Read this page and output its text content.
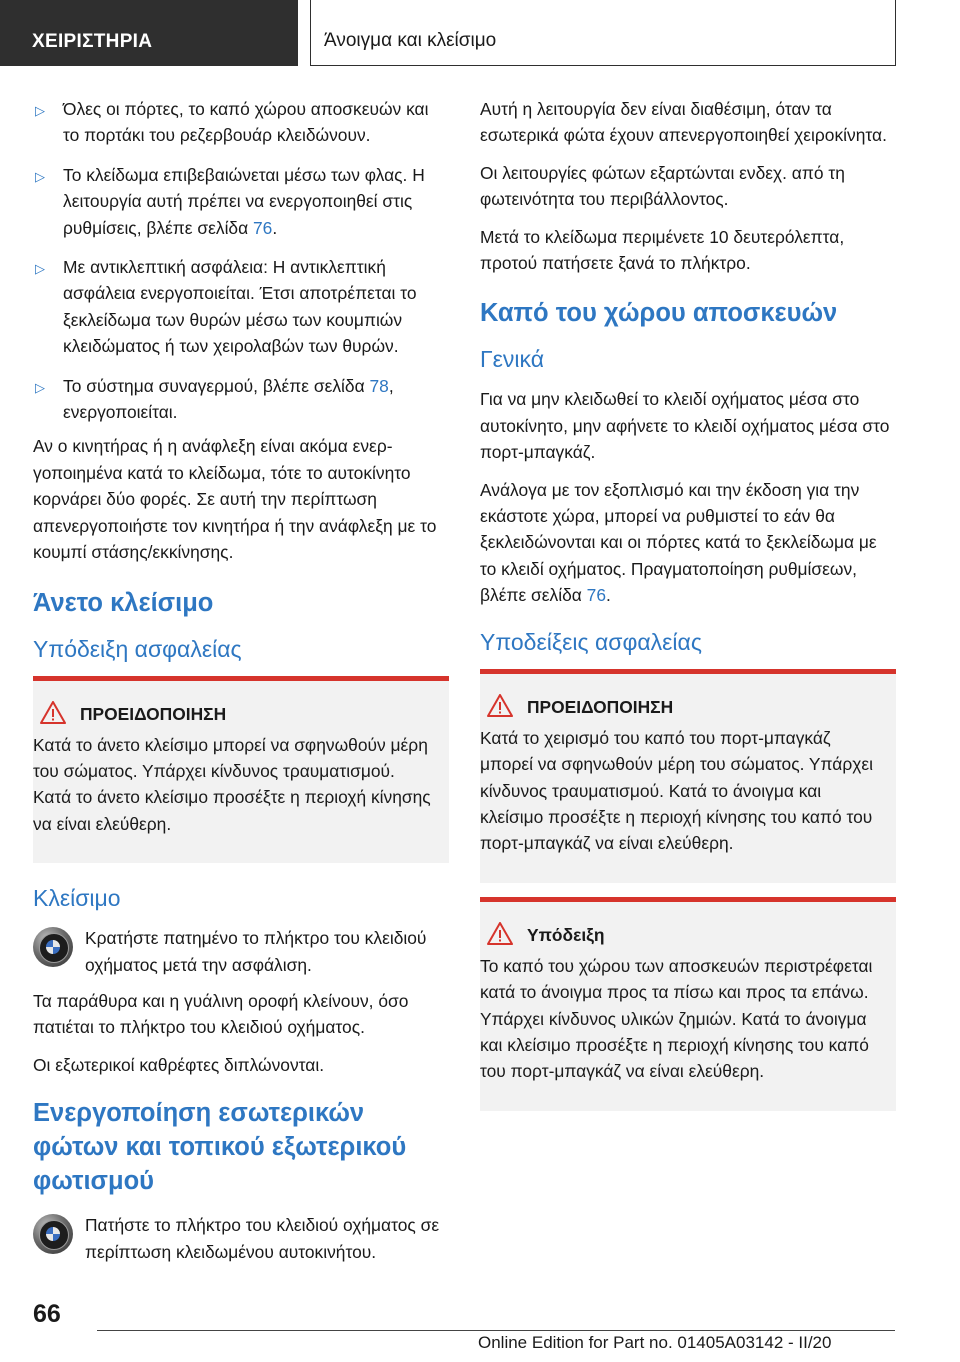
ΧΕΙΡΙΣΤΗΡΙΑ	Άνοιγμα και κλείσιμο
▷ Όλες οι πόρτες, το καπό χώρου αποσκευών και το πορτάκι του ρεζερβουάρ κλειδώνουν.
▷ Το κλείδωμα επιβεβαιώνεται μέσω των φλας. Η λειτουργία αυτή πρέπει να ενεργοποιηθεί στις ρυθμίσεις, βλέπε σελίδα 76.
▷ Με αντικλεπτική ασφάλεια: Η αντικλεπτική ασφάλεια ενεργοποιείται. Έτσι αποτρέπεται το ξεκλείδωμα των θυρών μέσω των κουμπιών κλειδώματος ή των χειρολαβών των θυρών.
▷ Το σύστημα συναγερμού, βλέπε σελίδα 78, ενεργοποιείται.

Αν ο κινητήρας ή η ανάφλεξη είναι ακόμα ενεργοποιημένα κατά το κλείδωμα, τότε το αυτοκίνητο κορνάρει δύο φορές. Σε αυτή την περίπτωση απενεργοποιήστε τον κινητήρα ή την ανάφλεξη με το κουμπί στάσης/εκκίνησης.

Άνετο κλείσιμο
Υπόδειξη ασφαλείας
ΠΡΟΕΙΔΟΠΟΙΗΣΗ
Κατά το άνετο κλείσιμο μπορεί να σφηνωθούν μέρη του σώματος. Υπάρχει κίνδυνος τραυματισμού. Κατά το άνετο κλείσιμο προσέξτε η περιοχή κίνησης να είναι ελεύθερη.
Κλείσιμο
Κρατήστε πατημένο το πλήκτρο του κλειδιού οχήματος μετά την ασφάλιση.

Τα παράθυρα και η γυάλινη οροφή κλείνουν, όσο πατιέται το πλήκτρο του κλειδιού οχήματος.

Οι εξωτερικοί καθρέφτες διπλώνονται.

Ενεργοποίηση εσωτερικών φώτων και τοπικού εξωτερικού φωτισμού
Πατήστε το πλήκτρο του κλειδιού οχήματος σε περίπτωση κλειδωμένου αυτοκινήτου.

Αυτή η λειτουργία δεν είναι διαθέσιμη, όταν τα εσωτερικά φώτα έχουν απενεργοποιηθεί χειροκίνητα.

Οι λειτουργίες φώτων εξαρτώνται ενδεχ. από τη φωτεινότητα του περιβάλλοντος.

Μετά το κλείδωμα περιμένετε 10 δευτερόλεπτα, προτού πατήσετε ξανά το πλήκτρο.

Καπό του χώρου αποσκευών
Γενικά

Για να μην κλειδωθεί το κλειδί οχήματος μέσα στο αυτοκίνητο, μην αφήνετε το κλειδί οχήματος μέσα στο πορτ-μπαγκάζ.

Ανάλογα με τον εξοπλισμό και την έκδοση για την εκάστοτε χώρα, μπορεί να ρυθμιστεί το εάν θα ξεκλειδώνονται και οι πόρτες κατά το ξεκλείδωμα με το κλειδί οχήματος. Πραγματοποίηση ρυθμίσεων, βλέπε σελίδα 76.

Υποδείξεις ασφαλείας
ΠΡΟΕΙΔΟΠΟΙΗΣΗ
Κατά το χειρισμό του καπό του πορτ-μπαγκάζ μπορεί να σφηνωθούν μέρη του σώματος. Υπάρχει κίνδυνος τραυματισμού. Κατά το άνοιγμα και κλείσιμο προσέξτε η περιοχή κίνησης του καπό του πορτ-μπαγκάζ να είναι ελεύθερη.
Υπόδειξη
Το καπό του χώρου των αποσκευών περιστρέφεται κατά το άνοιγμα προς τα πίσω και προς τα επάνω. Υπάρχει κίνδυνος υλικών ζημιών. Κατά το άνοιγμα και κλείσιμο προσέξτε η περιοχή κίνησης του καπό του πορτ-μπαγκάζ να είναι ελεύθερη.
66
Online Edition for Part no. 01405A03142 - II/20
